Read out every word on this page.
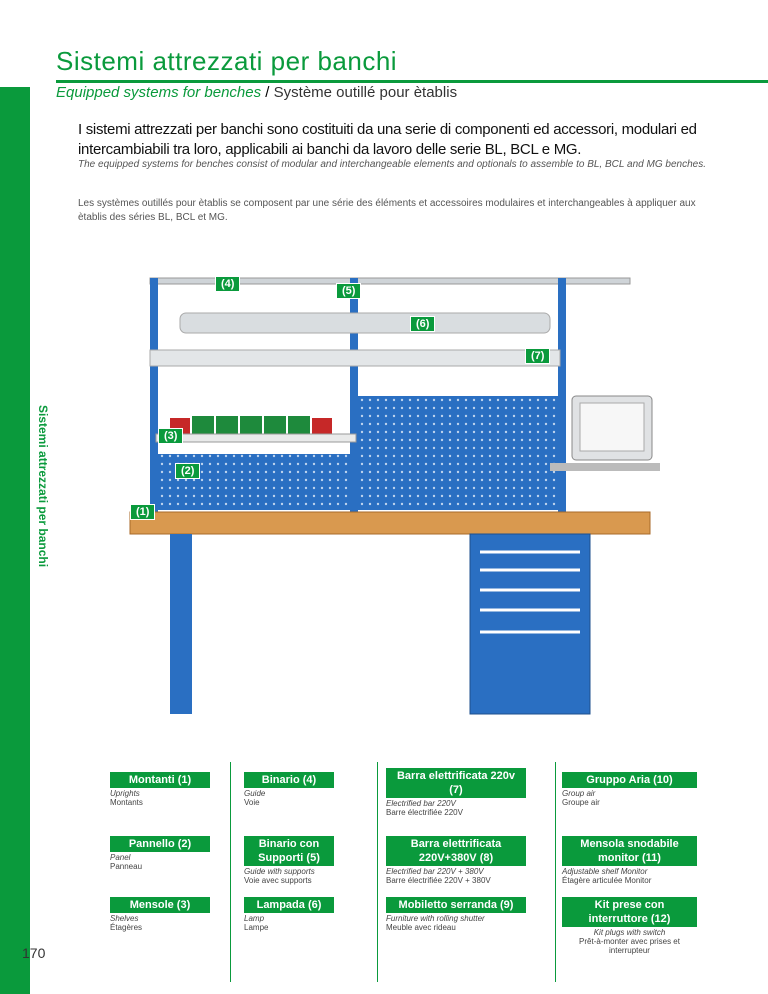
Sistemi attrezzati per banchi
Sistemi attrezzati per banchi
Equipped systems for benches / Système outillé pour ètablis
I sistemi attrezzati per banchi sono costituiti da una serie di componenti ed accessori, modulari ed intercambiabili tra loro, applicabili ai banchi da lavoro delle serie BL, BCL e MG.
The equipped systems for benches consist of modular and interchangeable elements and optionals to assemble to BL, BCL and MG benches.
Les systèmes outillés pour ètablis se composent par une série des éléments et accessoires modulaires et interchangeables à appliquer aux ètablis des séries BL, BCL et MG.
(1)
(2)
(3)
(4)
(5)
(6)
(7)
Montanti (1)
Uprights
Montants
Pannello (2)
Panel
Panneau
Mensole (3)
Shelves
Étagères
Binario (4)
Guide
Voie
Binario con Supporti (5)
Guide with supports
Voie avec supports
Lampada (6)
Lamp
Lampe
Barra elettrificata 220v (7)
Electrified bar 220V
Barre électrifiée 220V
Barra elettrificata 220V+380V (8)
Electrified bar 220V + 380V
Barre électrifiée 220V + 380V
Mobiletto serranda (9)
Furniture with rolling shutter
Meuble avec rideau
Gruppo Aria (10)
Group air
Groupe air
Mensola snodabile monitor (11)
Adjustable shelf Monitor
Étagère articulée Monitor
Kit prese con interruttore (12)
Kit plugs with switch
Prêt-à-monter avec prises et interrupteur
170
